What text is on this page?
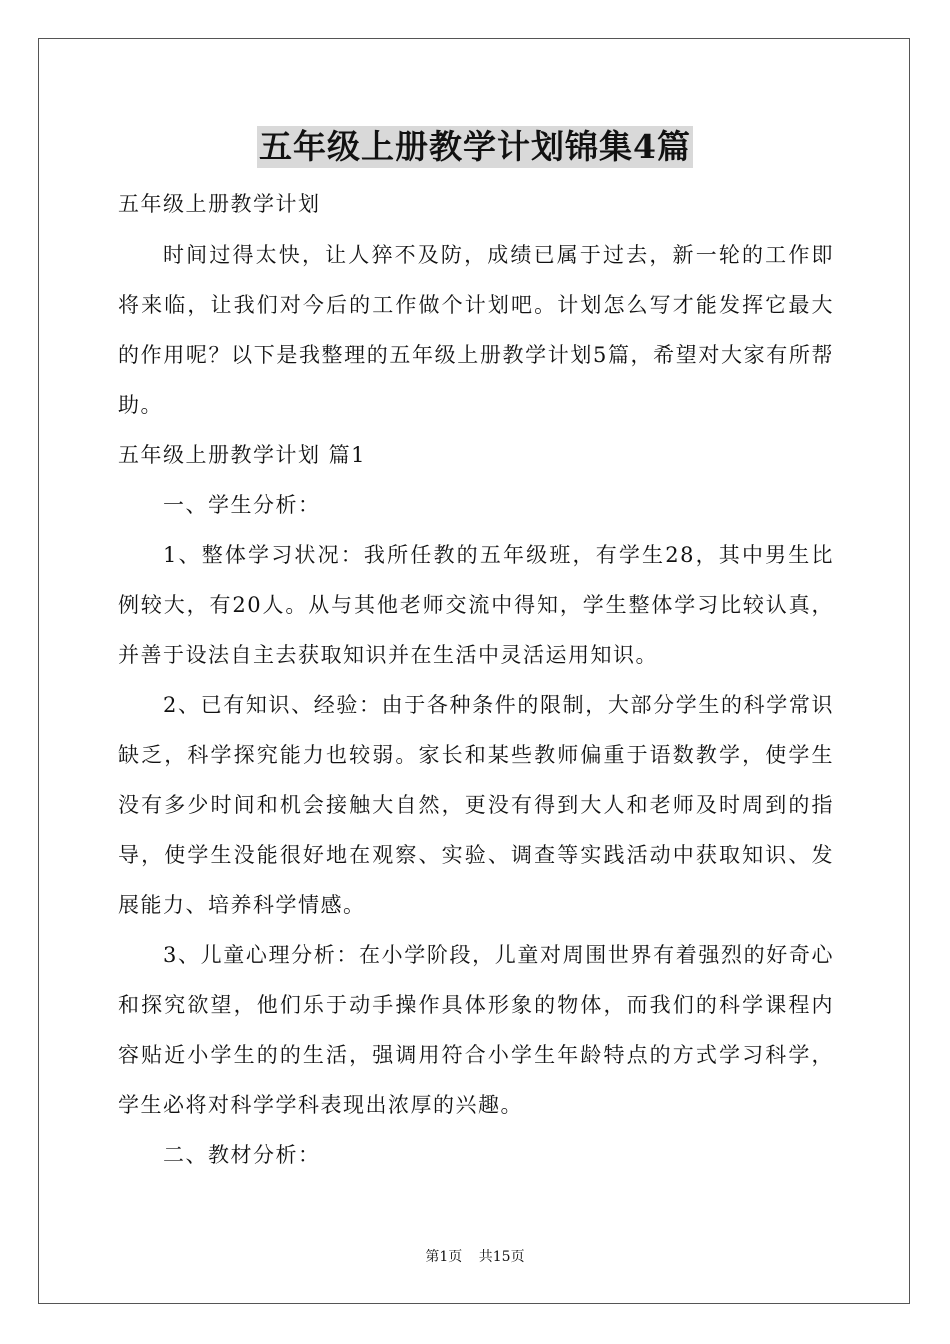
五年级上册教学计划锦集4篇

五年级上册教学计划

时间过得太快，让人猝不及防，成绩已属于过去，新一轮的工作即将来临，让我们对今后的工作做个计划吧。计划怎么写才能发挥它最大的作用呢？以下是我整理的五年级上册教学计划5篇，希望对大家有所帮助。

五年级上册教学计划 篇1

一、学生分析：

1、整体学习状况：我所任教的五年级班，有学生28，其中男生比例较大，有20人。从与其他老师交流中得知，学生整体学习比较认真，并善于设法自主去获取知识并在生活中灵活运用知识。

2、已有知识、经验：由于各种条件的限制，大部分学生的科学常识缺乏，科学探究能力也较弱。家长和某些教师偏重于语数教学，使学生没有多少时间和机会接触大自然，更没有得到大人和老师及时周到的指导，使学生没能很好地在观察、实验、调查等实践活动中获取知识、发展能力、培养科学情感。

3、儿童心理分析：在小学阶段，儿童对周围世界有着强烈的好奇心和探究欲望，他们乐于动手操作具体形象的物体，而我们的科学课程内容贴近小学生的的生活，强调用符合小学生年龄特点的方式学习科学，学生必将对科学学科表现出浓厚的兴趣。

二、教材分析：

第1页 共15页
